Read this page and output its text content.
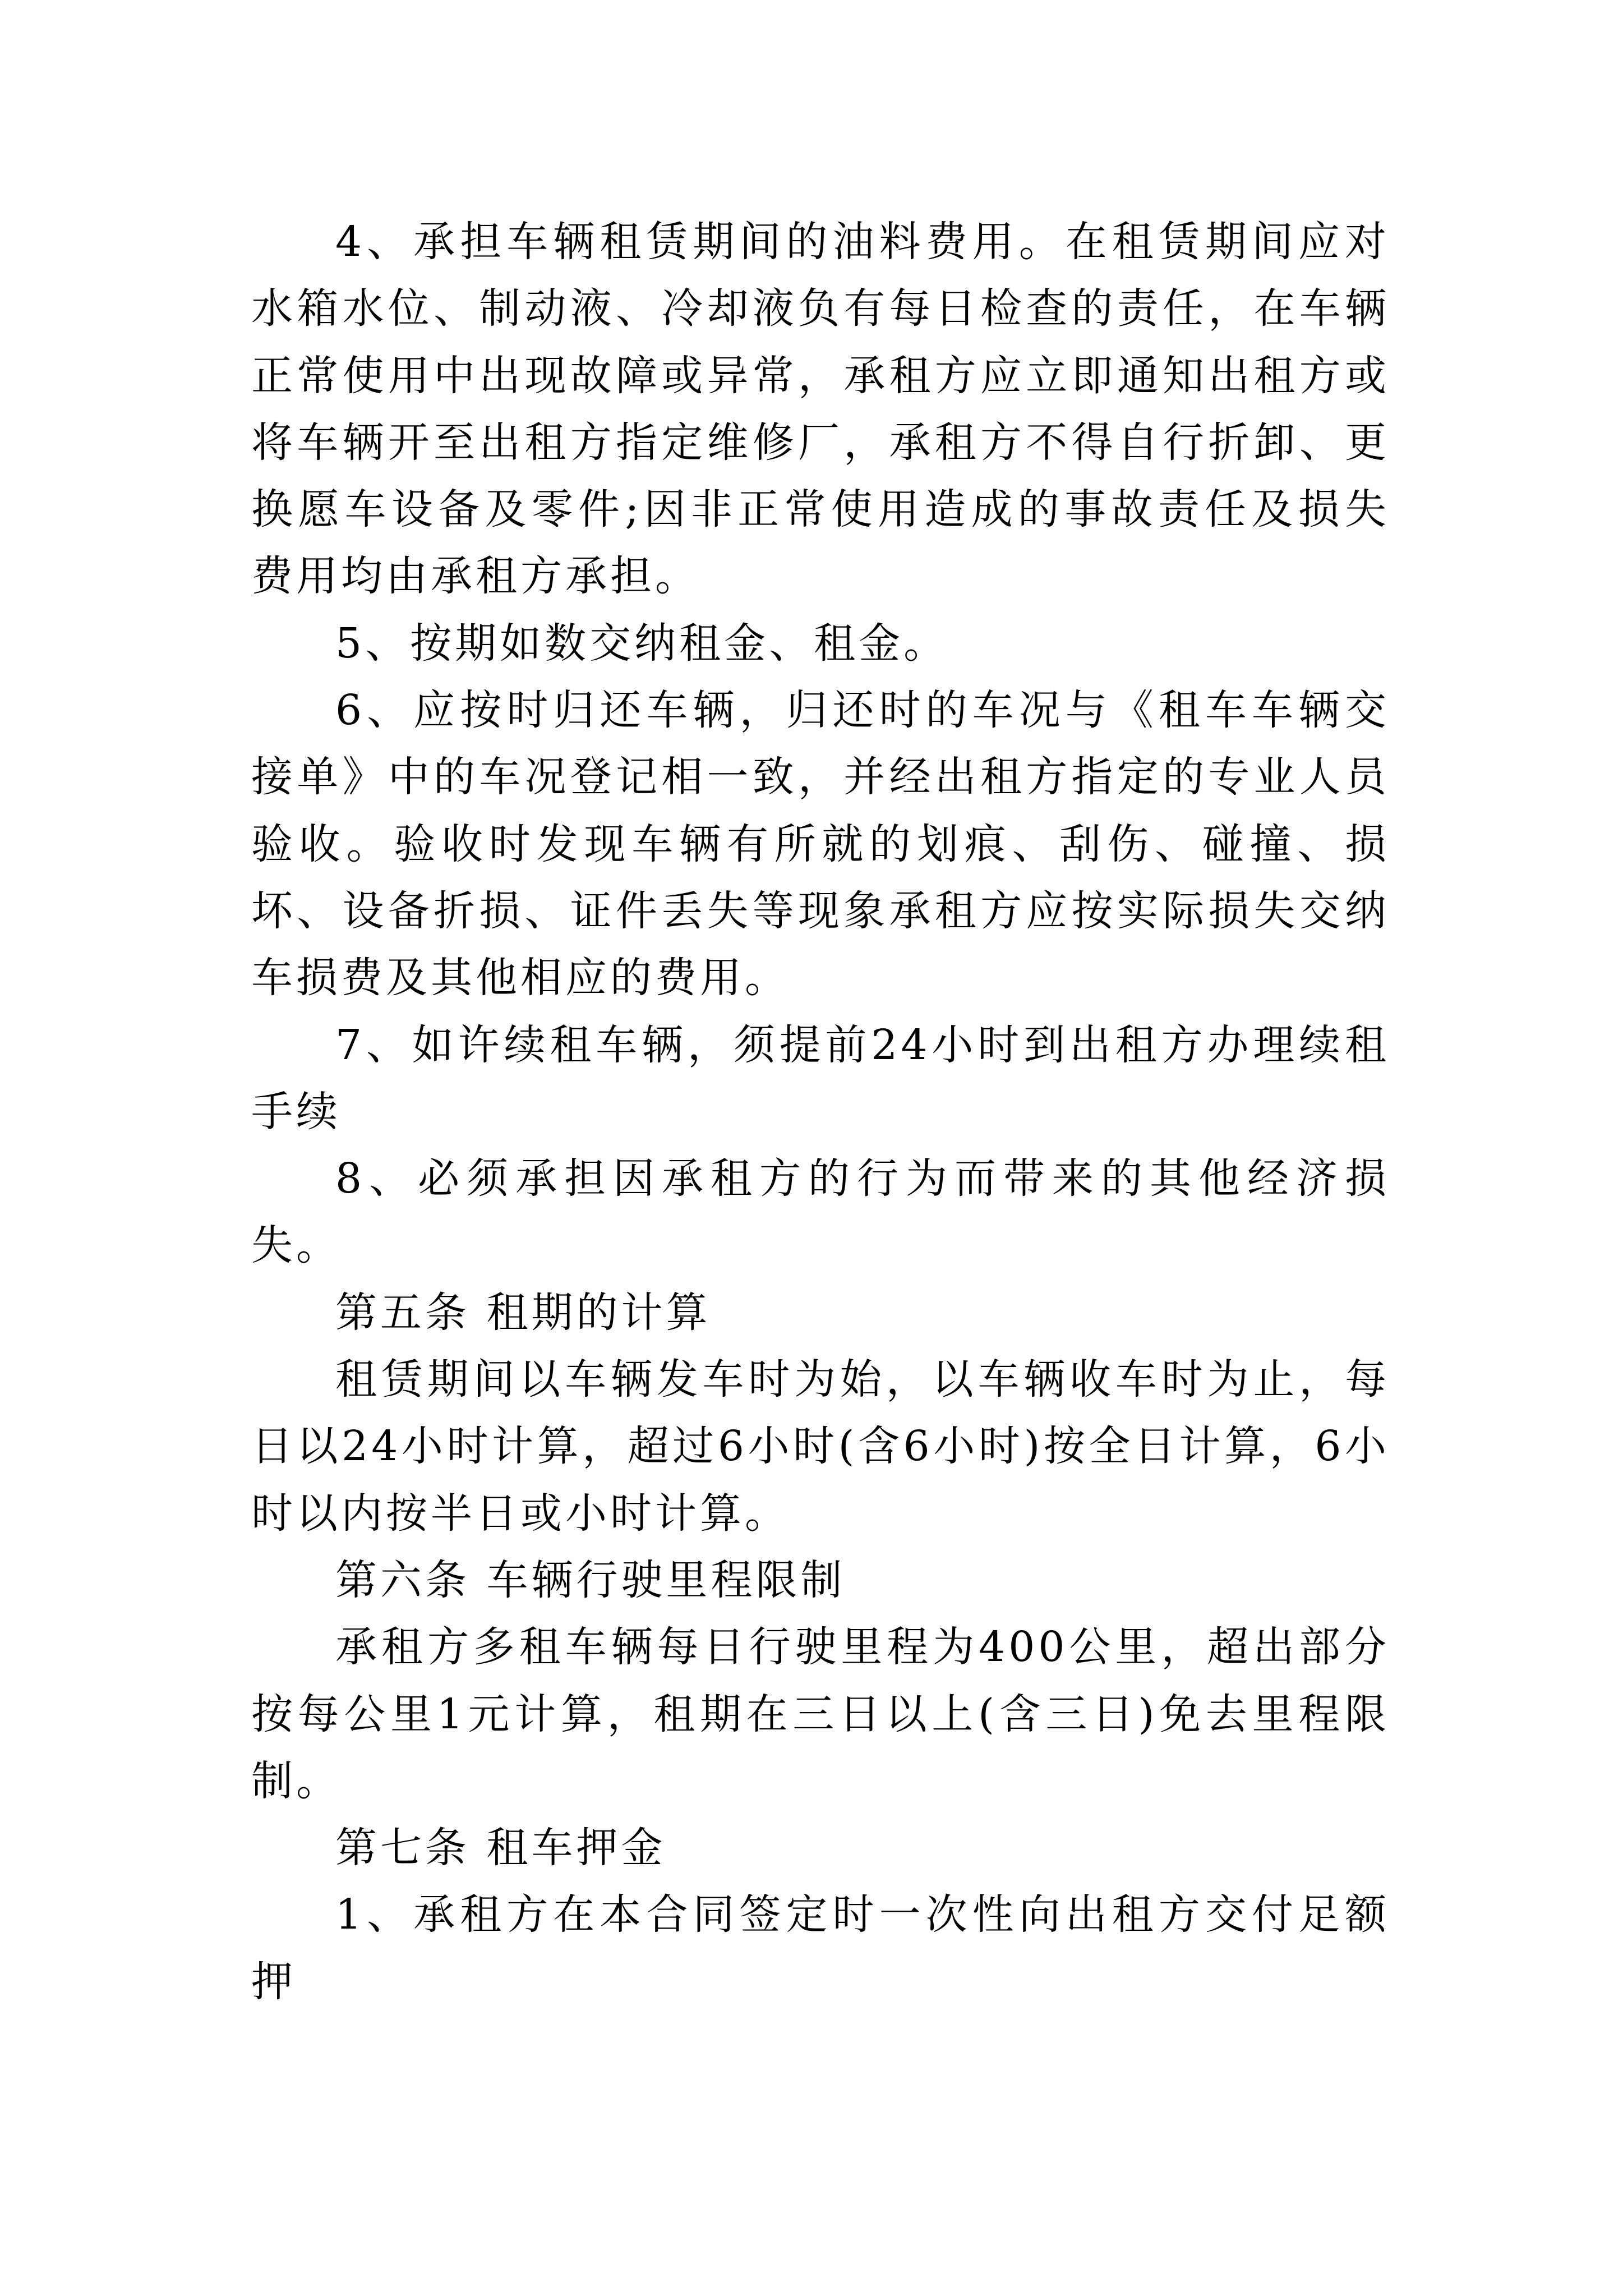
4、承担车辆租赁期间的油料费用。在租赁期间应对水箱水位、制动液、冷却液负有每日检查的责任，在车辆正常使用中出现故障或异常，承租方应立即通知出租方或将车辆开至出租方指定维修厂，承租方不得自行折卸、更换愿车设备及零件;因非正常使用造成的事故责任及损失费用均由承租方承担。

5、按期如数交纳租金、租金。

6、应按时归还车辆，归还时的车况与《租车车辆交接单》中的车况登记相一致，并经出租方指定的专业人员验收。验收时发现车辆有所就的划痕、刮伤、碰撞、损坏、设备折损、证件丢失等现象承租方应按实际损失交纳车损费及其他相应的费用。

7、如许续租车辆，须提前24小时到出租方办理续租手续

8、必须承担因承租方的行为而带来的其他经济损失。

第五条 租期的计算

租赁期间以车辆发车时为始，以车辆收车时为止，每日以24小时计算，超过6小时(含6小时)按全日计算，6小时以内按半日或小时计算。

第六条 车辆行驶里程限制

承租方多租车辆每日行驶里程为400公里，超出部分按每公里1元计算，租期在三日以上(含三日)免去里程限制。

第七条 租车押金

1、承租方在本合同签定时一次性向出租方交付足额押
